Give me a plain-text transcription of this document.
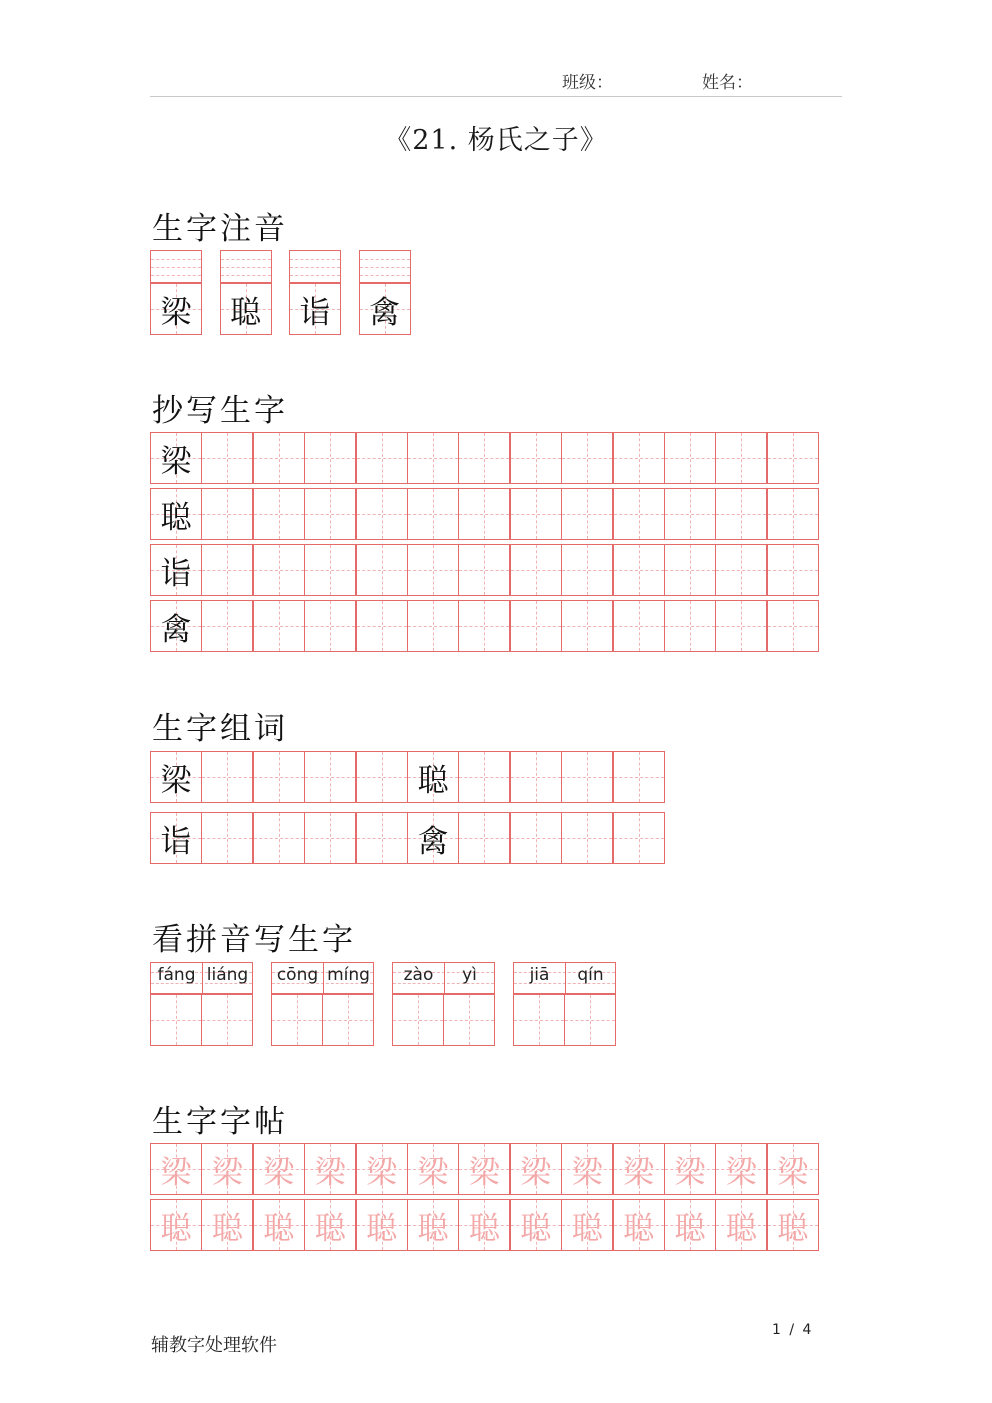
班级：	姓名：
《21. 杨氏之子》
生字注音
梁	聪	诣	禽
抄写生字
梁
聪
诣
禽
生字组词
梁	聪
诣	禽
看拼音写生字
fáng liáng cōng míng	zào	yì	jiā	qín
生字字帖
梁 梁 梁 梁 梁 梁 梁 梁 梁 梁 梁 梁 梁
聪 聪 聪 聪 聪 聪 聪 聪 聪 聪 聪 聪 聪
辅教字处理软件
1 / 4
